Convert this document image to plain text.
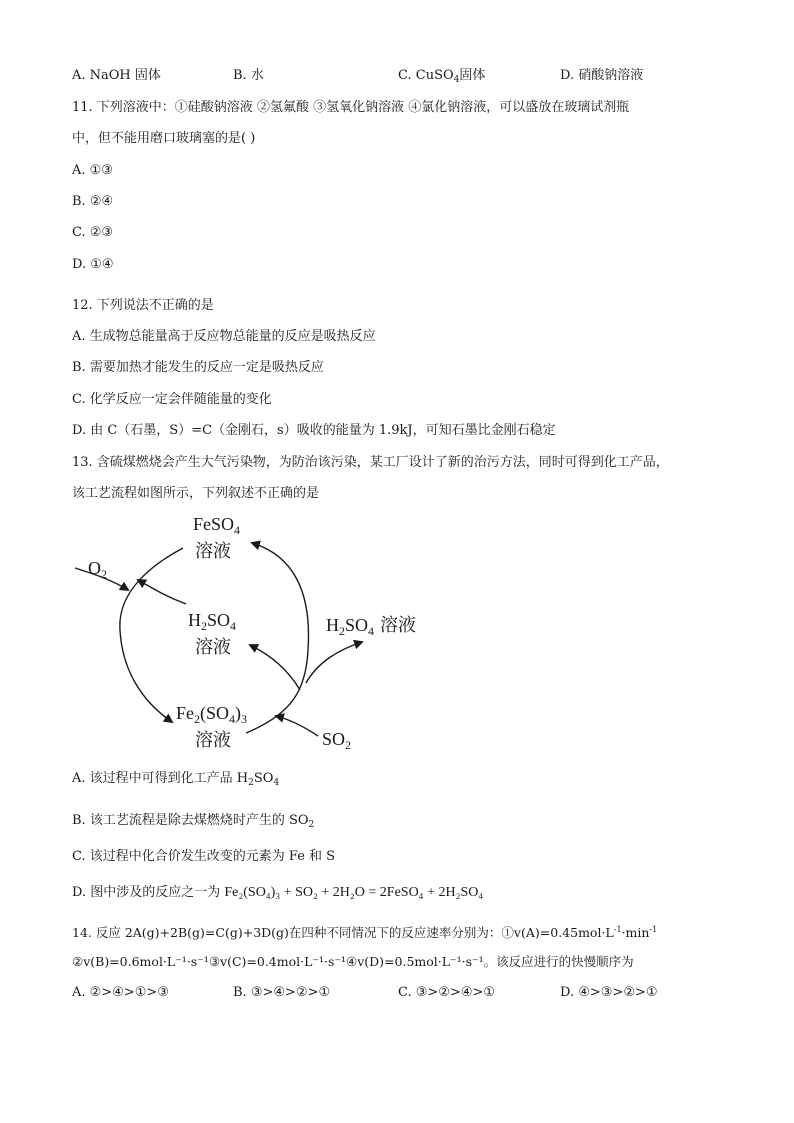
A. NaOH 固体	B. 水	C. CuSO$_4$固体	D. 硝酸钠溶液
11. 下列溶液中：①硅酸钠溶液 ②氢氟酸 ③氢氧化钠溶液 ④氯化钠溶液，可以盛放在玻璃试剂瓶
中，但不能用磨口玻璃塞的是( )
A. ①③
B. ②④
C. ②③
D. ①④
12. 下列说法不正确的是
A. 生成物总能量高于反应物总能量的反应是吸热反应
B. 需要加热才能发生的反应一定是吸热反应
C. 化学反应一定会伴随能量的变化
D. 由 C（石墨，S）=C（金刚石，s）吸收的能量为 1.9kJ，可知石墨比金刚石稳定
13. 含硫煤燃烧会产生大气污染物，为防治该污染，某工厂设计了新的治污方法，同时可得到化工产品，
该工艺流程如图所示，下列叙述不正确的是
FeSO$_4$
溶液
$O_2$
$H_2SO_4$
溶液
$H_2SO_4$ 溶液
$Fe_2(SO_4)_3$
溶液	$SO_2$
A. 该过程中可得到化工产品 $H_2SO_4$
B. 该工艺流程是除去煤燃烧时产生的 $SO_2$
C. 该过程中化合价发生改变的元素为 Fe 和 S
D. 图中涉及的反应之一为 Fe₂(SO₄)₃ + SO₂ + 2H₂O = 2FeSO₄ + 2H₂SO₄
14. 反应 2A(g)+2B(g)=C(g)+3D(g)在四种不同情况下的反应速率分别为：$①v(A)=0.45mol\cdot L^{-1}\cdot\min^{-1}$
②v(B)=0.6mol·L⁻¹·s⁻¹③v(C)=0.4mol·L⁻¹·s⁻¹④v(D)=0.5mol·L⁻¹·s⁻¹。该反应进行的快慢顺序为
A. ②>④>①>③	B. ③>④>②>①	C. ③>②>④>①	D. ④>③>②>①
